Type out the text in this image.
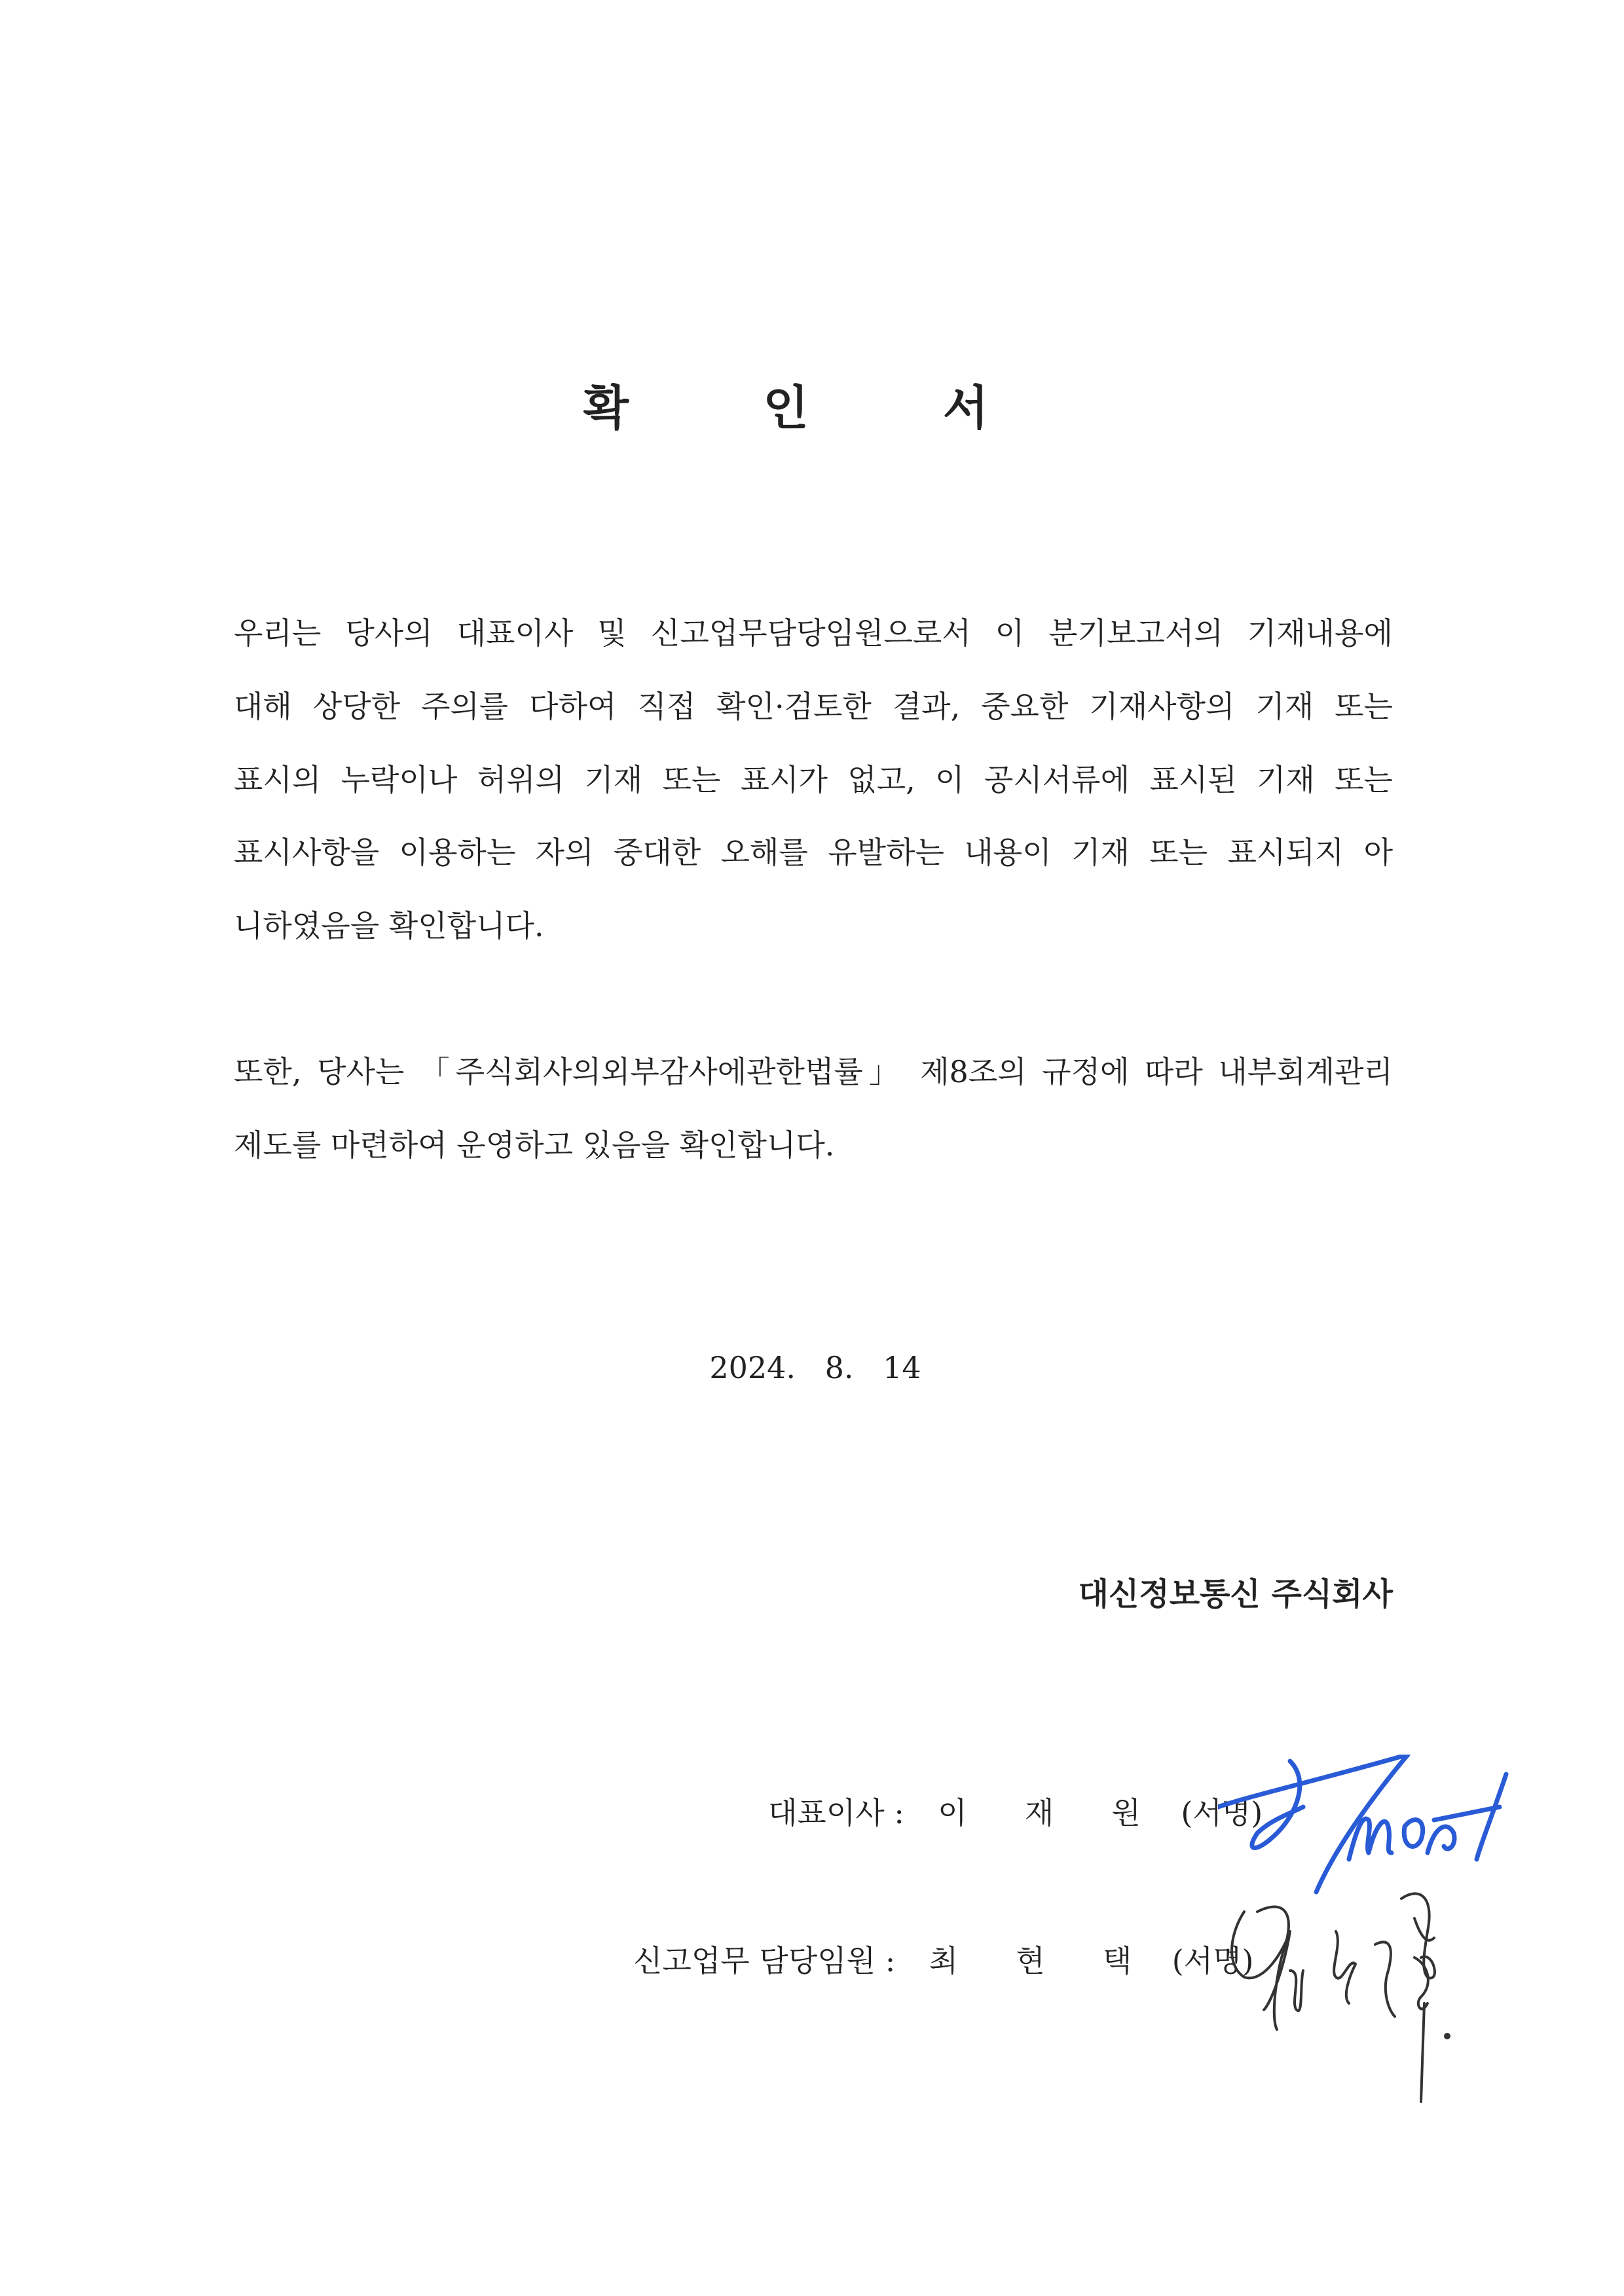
확 인 서
우리는 당사의 대표이사 및 신고업무담당임원으로서 이 분기보고서의 기재내용에
대해 상당한 주의를 다하여 직접 확인·검토한 결과, 중요한 기재사항의 기재 또는
표시의 누락이나 허위의 기재 또는 표시가 없고, 이 공시서류에 표시된 기재 또는
표시사항을 이용하는 자의 중대한 오해를 유발하는 내용이 기재 또는 표시되지 아
니하였음을 확인합니다.
또한, 당사는 「주식회사의외부감사에관한법률」 제8조의 규정에 따라 내부회계관리
제도를 마련하여 운영하고 있음을 확인합니다.
2024. 8. 14
대신정보통신 주식회사
대표이사 : 이 재 원 (서명)
신고업무 담당임원 : 최 현 택 (서명)
